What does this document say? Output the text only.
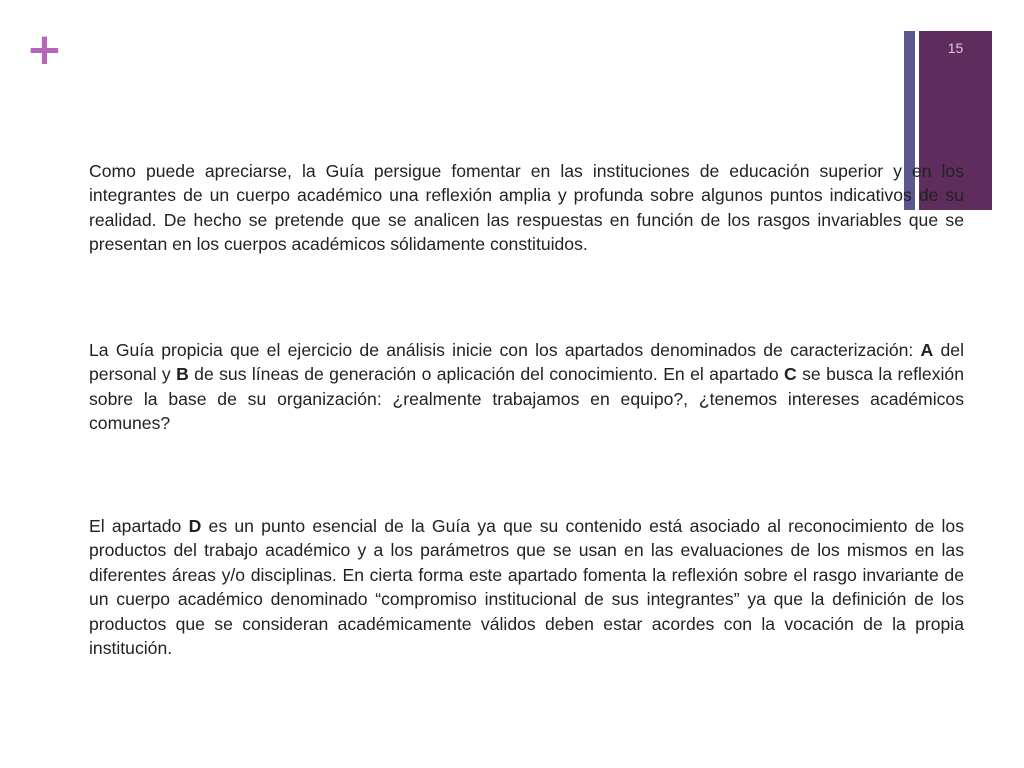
+	15

Como puede apreciarse, la Guía persigue fomentar en las instituciones de educación superior y en los integrantes de un cuerpo académico una reflexión amplia y profunda sobre algunos puntos indicativos de su realidad. De hecho se pretende que se analicen las respuestas en función de los rasgos invariables que se presentan en los cuerpos académicos sólidamente constituidos.

La Guía propicia que el ejercicio de análisis inicie con los apartados denominados de caracterización: A del personal y B de sus líneas de generación o aplicación del conocimiento. En el apartado C se busca la reflexión sobre la base de su organización: ¿realmente trabajamos en equipo?, ¿tenemos intereses académicos comunes?

El apartado D es un punto esencial de la Guía ya que su contenido está asociado al reconocimiento de los productos del trabajo académico y a los parámetros que se usan en las evaluaciones de los mismos en las diferentes áreas y/o disciplinas. En cierta forma este apartado fomenta la reflexión sobre el rasgo invariante de un cuerpo académico denominado “compromiso institucional de sus integrantes” ya que la definición de los productos que se consideran académicamente válidos deben estar acordes con la vocación de la propia institución.
